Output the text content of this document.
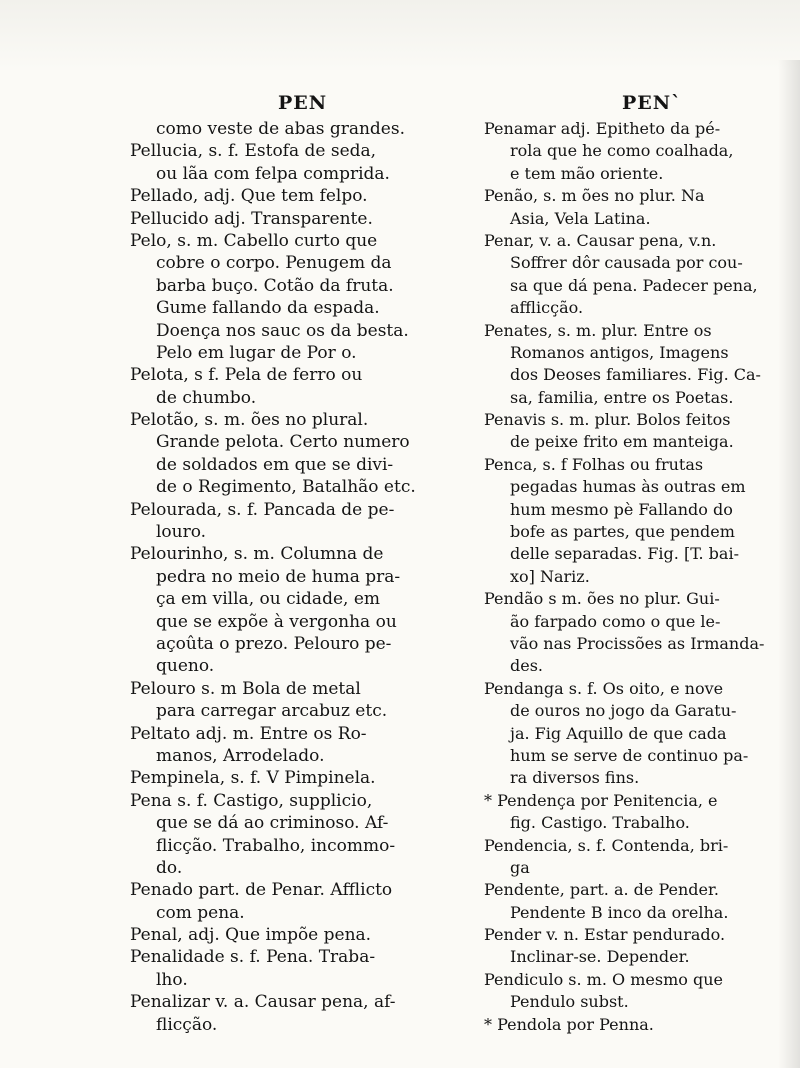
PEN
como veste de abas grandes.
Pellucia, s. f. Estofa de seda,
ou lãa com felpa comprida.
Pellado, adj. Que tem felpo.
Pellucido adj. Transparente.
Pelo, s. m. Cabello curto que
cobre o corpo. Penugem da
barba buço. Cotão da fruta.
Gume fallando da espada.
Doença nos sauc os da besta.
Pelo em lugar de Por o.
Pelota, s f. Pela de ferro ou
de chumbo.
Pelotão, s. m. ões no plural.
Grande pelota. Certo numero
de soldados em que se divi-
de o Regimento, Batalhão etc.
Pelourada, s. f. Pancada de pe-
louro.
Pelourinho, s. m. Columna de
pedra no meio de huma pra-
ça em villa, ou cidade, em
que se expõe à vergonha ou
açoûta o prezo. Pelouro pe-
queno.
Pelouro s. m Bola de metal
para carregar arcabuz etc.
Peltato adj. m. Entre os Ro-
manos, Arrodelado.
Pempinela, s. f. V Pimpinela.
Pena s. f. Castigo, supplicio,
que se dá ao criminoso. Af-
flicção. Trabalho, incommo-
do.
Penado part. de Penar. Afflicto
com pena.
Penal, adj. Que impõe pena.
Penalidade s. f. Pena. Traba-
lho.
Penalizar v. a. Causar pena, af-
flicção.
PEN`
Penamar adj. Epitheto da pé-
rola que he como coalhada,
e tem mão oriente.
Penão, s. m ões no plur. Na
Asia, Vela Latina.
Penar, v. a. Causar pena, v.n.
Soffrer dôr causada por cou-
sa que dá pena. Padecer pena,
afflicção.
Penates, s. m. plur. Entre os
Romanos antigos, Imagens
dos Deoses familiares. Fig. Ca-
sa, familia, entre os Poetas.
Penavis s. m. plur. Bolos feitos
de peixe frito em manteiga.
Penca, s. f Folhas ou frutas
pegadas humas às outras em
hum mesmo pè Fallando do
bofe as partes, que pendem
delle separadas. Fig. [T. bai-
xo] Nariz.
Pendão s m. ões no plur. Gui-
ão farpado como o que le-
vão nas Procissões as Irmanda-
des.
Pendanga s. f. Os oito, e nove
de ouros no jogo da Garatu-
ja. Fig Aquillo de que cada
hum se serve de continuo pa-
ra diversos fins.
* Pendença por Penitencia, e
fig. Castigo. Trabalho.
Pendencia, s. f. Contenda, bri-
ga
Pendente, part. a. de Pender.
Pendente B inco da orelha.
Pender v. n. Estar pendurado.
Inclinar-se. Depender.
Pendiculo s. m. O mesmo que
Pendulo subst.
* Pendola por Penna.
